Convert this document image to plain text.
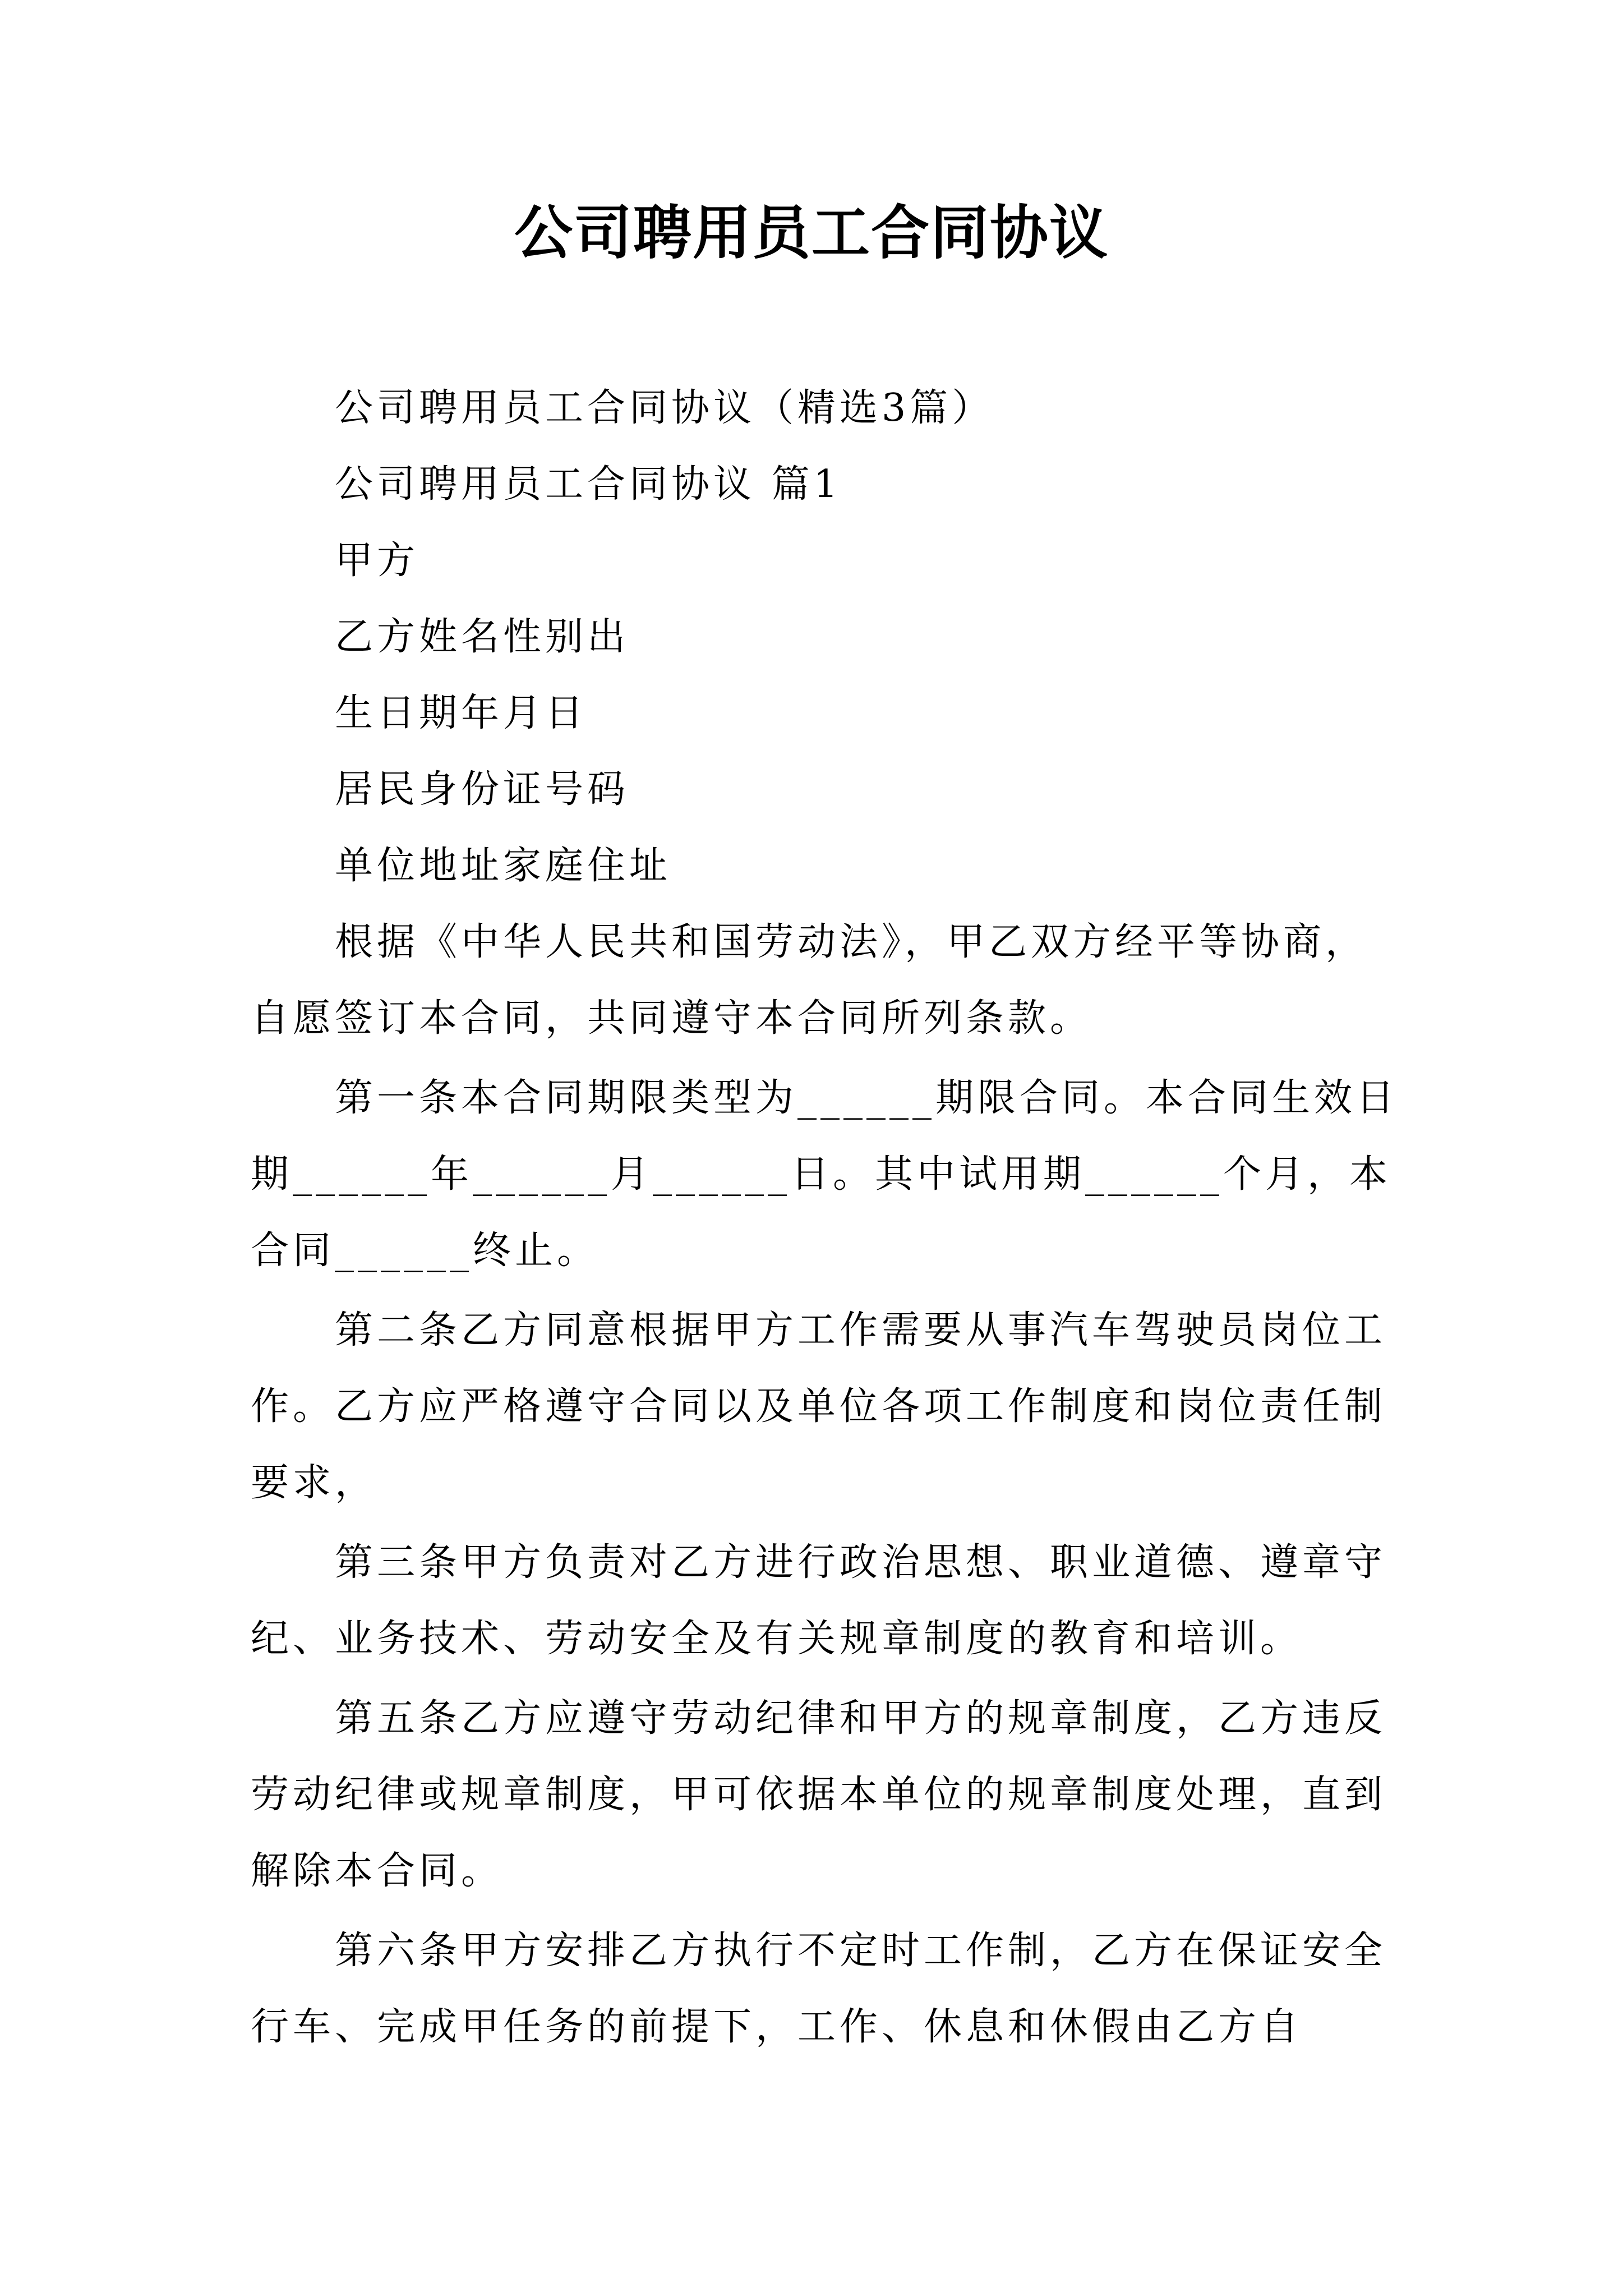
公司聘用员工合同协议

公司聘用员工合同协议（精选3篇）

公司聘用员工合同协议 篇1

甲方

乙方姓名性别出

生日期年月日

居民身份证号码

单位地址家庭住址

根据《中华人民共和国劳动法》，甲乙双方经平等协商，自愿签订本合同，共同遵守本合同所列条款。

第一条本合同期限类型为______期限合同。本合同生效日期______年______月______日。其中试用期______个月，本合同______终止。

第二条乙方同意根据甲方工作需要从事汽车驾驶员岗位工作。乙方应严格遵守合同以及单位各项工作制度和岗位责任制要求，

第三条甲方负责对乙方进行政治思想、职业道德、遵章守纪、业务技术、劳动安全及有关规章制度的教育和培训。

第五条乙方应遵守劳动纪律和甲方的规章制度，乙方违反劳动纪律或规章制度，甲可依据本单位的规章制度处理，直到解除本合同。

第六条甲方安排乙方执行不定时工作制，乙方在保证安全行车、完成甲任务的前提下，工作、休息和休假由乙方自
